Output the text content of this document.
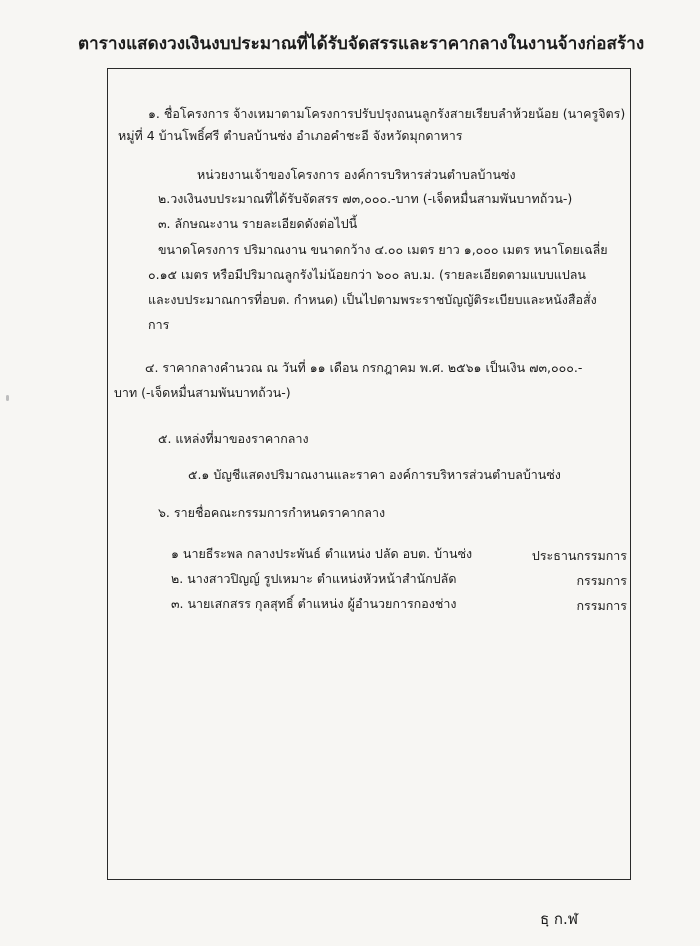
ตารางแสดงวงเงินงบประมาณที่ได้รับจัดสรรและราคากลางในงานจ้างก่อสร้าง
๑. ชื่อโครงการ จ้างเหมาตามโครงการปรับปรุงถนนลูกรังสายเรียบลำห้วยน้อย (นาครูจิตร)
หมู่ที่ 4 บ้านโพธิ์ศรี ตำบลบ้านซ่ง อำเภอคำชะอี จังหวัดมุกดาหาร
หน่วยงานเจ้าของโครงการ องค์การบริหารส่วนตำบลบ้านซ่ง
๒.วงเงินงบประมาณที่ได้รับจัดสรร ๗๓,๐๐๐.-บาท (-เจ็ดหมื่นสามพันบาทถ้วน-)
๓. ลักษณะงาน รายละเอียดดังต่อไปนี้
ขนาดโครงการ ปริมาณงาน ขนาดกว้าง ๔.๐๐ เมตร ยาว ๑,๐๐๐ เมตร หนาโดยเฉลี่ย
๐.๑๕ เมตร หรือมีปริมาณลูกรังไม่น้อยกว่า ๖๐๐ ลบ.ม. (รายละเอียดตามแบบแปลน
และงบประมาณการที่อบต. กำหนด) เป็นไปตามพระราชบัญญัติระเบียบและหนังสือสั่ง
การ
๔. ราคากลางคำนวณ ณ วันที่ ๑๑ เดือน กรกฎาคม พ.ศ. ๒๕๖๑ เป็นเงิน ๗๓,๐๐๐.-
บาท (-เจ็ดหมื่นสามพันบาทถ้วน-)
๕. แหล่งที่มาของราคากลาง
๕.๑ บัญชีแสดงปริมาณงานและราคา องค์การบริหารส่วนตำบลบ้านซ่ง
๖. รายชื่อคณะกรรมการกำหนดราคากลาง
๑ นายธีระพล กลางประพันธ์ ตำแหน่ง ปลัด อบต. บ้านซ่ง	ประธานกรรมการ
๒. นางสาวปิญญ์ รูปเหมาะ ตำแหน่งหัวหน้าสำนักปลัด	กรรมการ
๓. นายเสกสรร กุลสุทธิ์ ตำแหน่ง ผู้อำนวยการกองช่าง	กรรมการ
ธฺ ก.ฬ
